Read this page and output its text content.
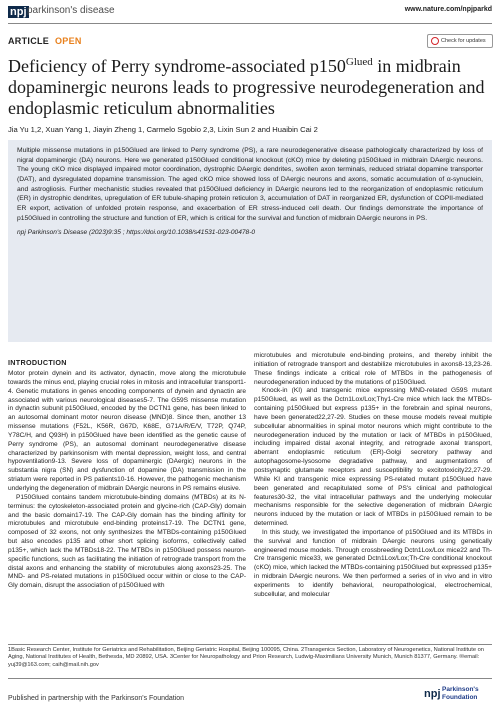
npj parkinson's disease	www.nature.com/npjparkd
ARTICLE OPEN	Check for updates
Deficiency of Perry syndrome-associated $p150^{Glued}$ in midbrain dopaminergic neurons leads to progressive neurodegeneration and endoplasmic reticulum abnormalities
Jia Yu 1,2, Xuan Yang 1, Jiayin Zheng 1, Carmelo Sgobio 2,3, Lixin Sun 2 and Huaibin Cai 2

Multiple missense mutations in p150Glued are linked to Perry syndrome (PS), a rare neurodegenerative disease pathologically characterized by loss of nigral dopaminergic (DA) neurons. Here we generated p150Glued conditional knockout (cKO) mice by deleting p150Glued in midbrain DAergic neurons. The young cKO mice displayed impaired motor coordination, dystrophic DAergic dendrites, swollen axon terminals, reduced striatal dopamine transporter (DAT), and dysregulated dopamine transmission. The aged cKO mice showed loss of DAergic neurons and axons, somatic accumulation of α-synuclein, and astrogliosis. Further mechanistic studies revealed that p150Glued deficiency in DAergic neurons led to the reorganization of endoplasmic reticulum (ER) in dystrophic dendrites, upregulation of ER tubule-shaping protein reticulon 3, accumulation of DAT in reorganized ER, dysfunction of COPII-mediated ER export, activation of unfolded protein response, and exacerbation of ER stress-induced cell death. Our findings demonstrate the importance of p150Glued in controlling the structure and function of ER, which is critical for the survival and function of midbrain DAergic neurons in PS.

npj Parkinson's Disease (2023)9:35 ; https://doi.org/10.1038/s41531-023-00478-0

INTRODUCTION

Motor protein dynein and its activator, dynactin, move along the microtubule towards the minus end, playing crucial roles in mitosis and intracellular transport1-4. Genetic mutations in genes encoding components of dynein and dynactin are associated with various neurological diseases5-7. The G59S missense mutation in dynactin subunit p150Glued, encoded by the DCTN1 gene, has been linked to an autosomal dominant motor neuron disease (MND)8. Since then, another 13 missense mutations (F52L, K56R, G67D, K68E, G71A/R/E/V, T72P, Q74P, Y78C/H, and Q93H) in p150Glued have been identified as the genetic cause of Perry syndrome (PS), an autosomal dominant neurodegenerative disease characterized by parkinsonism with mental depression, weight loss, and central hypoventilation9-13. Severe loss of dopaminergic (DAergic) neurons in the substantia nigra (SN) and dysfunction of dopamine (DA) transmission in the striatum were reported in PS patients10-16. However, the pathogenic mechanism underlying the degeneration of midbrain DAergic neurons in PS remains elusive.

P150Glued contains tandem microtubule-binding domains (MTBDs) at its N-terminus: the cytoskeleton-associated protein and glycine-rich (CAP-Gly) domain and the basic domain17-19. The CAP-Gly domain has the binding affinity for microtubules and microtubule end-binding proteins17-19. The DCTN1 gene, composed of 32 exons, not only synthesizes the MTBDs-containing p150Glued but also encodes p135 and other short splicing isoforms, collectively called p135+, which lack the MTBDs18-22. The MTBDs in p150Glued possess neuron-specific functions, such as facilitating the initiation of retrograde transport from the distal axons and enhancing the stability of microtubules along axons23-25. The MND- and PS-related mutations in p150Glued occur within or close to the CAP-Gly domain, disrupt the association of p150Glued with

microtubules and microtubule end-binding proteins, and thereby inhibit the initiation of retrograde transport and destabilize microtubules in axons8-13,23-26. These findings indicate a critical role of MTBDs in the pathogenesis of neurodegeneration induced by the mutations of p150Glued.

Knock-in (KI) and transgenic mice expressing MND-related G59S mutant p150Glued, as well as the Dctn1Lox/Lox;Thy1-Cre mice which lack the MTBDs-containing p150Glued but express p135+ in the forebrain and spinal neurons, have been generated22,27-29. Studies on these mouse models reveal multiple subcellular abnormalities in spinal motor neurons which might contribute to the neurodegeneration induced by the mutation or lack of MTBDs in p150Glued, including impaired distal axonal integrity, and retrograde axonal transport, aberrant endoplasmic reticulum (ER)-Golgi secretory pathway and autophagosome-lysosome degradative pathway, and augmentations of postsynaptic glutamate receptors and susceptibility to excitotoxicity22,27-29. While KI and transgenic mice expressing PS-related mutant p150Glued have been generated and recapitulated some of PS's clinical and pathological features30-32, the vital intracellular pathways and the underlying molecular mechanisms responsible for the selective degeneration of midbrain DAergic neurons induced by the mutation or lack of MTBDs in p150Glued remain to be determined.

In this study, we investigated the importance of p150Glued and its MTBDs in the survival and function of midbrain DAergic neurons using genetically engineered mouse models. Through crossbreeding Dctn1Lox/Lox mice22 and Th-Cre transgenic mice33, we generated Dctn1Lox/Lox;Th-Cre conditional knockout (cKO) mice, which lacked the MTBDs-containing p150Glued but expressed p135+ in midbrain DAergic neurons. We then performed a series of in vivo and in vitro experiments to identify behavioral, neuropathological, electrochemical, subcellular, and molecular

1Basic Research Center, Institute for Geriatrics and Rehabilitation, Beijing Geriatric Hospital, Beijing 100095, China. 2Transgenics Section, Laboratory of Neurogenetics, National Institute on Aging, National Institutes of Health, Bethesda, MD 20892, USA. 3Center for Neuropathology and Prion Research, Ludwig-Maximilians University Munich, Munich 81377, Germany. ✉email: yuj39@163.com; caih@mail.nih.gov
Published in partnership with the Parkinson's Foundation	npj Parkinson's
Foundation
